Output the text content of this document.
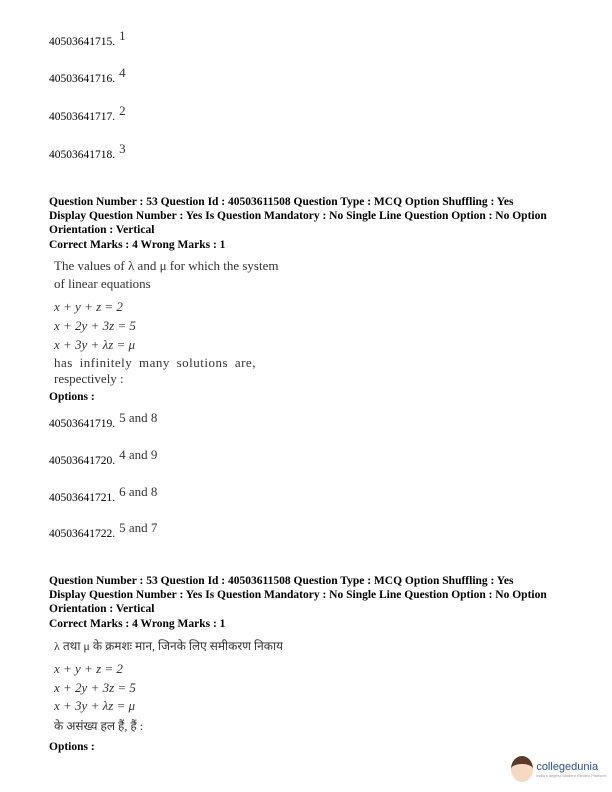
40503641715. $^1$
40503641716. $^4$
40503641717. $^2$
40503641718. $^3$
Question Number : 53 Question Id : 40503611508 Question Type : MCQ Option Shuffling : Yes
Display Question Number : Yes Is Question Mandatory : No Single Line Question Option : No Option
Orientation : Vertical
Correct Marks : 4 Wrong Marks : 1
The values of λ and μ for which the system
of linear equations
x + y + z = 2
x + 2y + 3z = 5
x + 3y + λz = μ
has infinitely many solutions are,
respectively :
Options :
40503641719. $^{5 and 8}$
40503641720. $^{4 and 9}$
40503641721. $^{6 and 8}$
40503641722. $^{5 and 7}$
Question Number : 53 Question Id : 40503611508 Question Type : MCQ Option Shuffling : Yes
Display Question Number : Yes Is Question Mandatory : No Single Line Question Option : No Option
Orientation : Vertical
Correct Marks : 4 Wrong Marks : 1
λ तथा μ के क्रमशः मान, जिनके लिए समीकरण निकाय
x + y + z = 2
x + 2y + 3z = 5
x + 3y + λz = μ
के असंख्य हल हैं, हैं :
Options :
collegedunia
India's largest Student Review Platform
